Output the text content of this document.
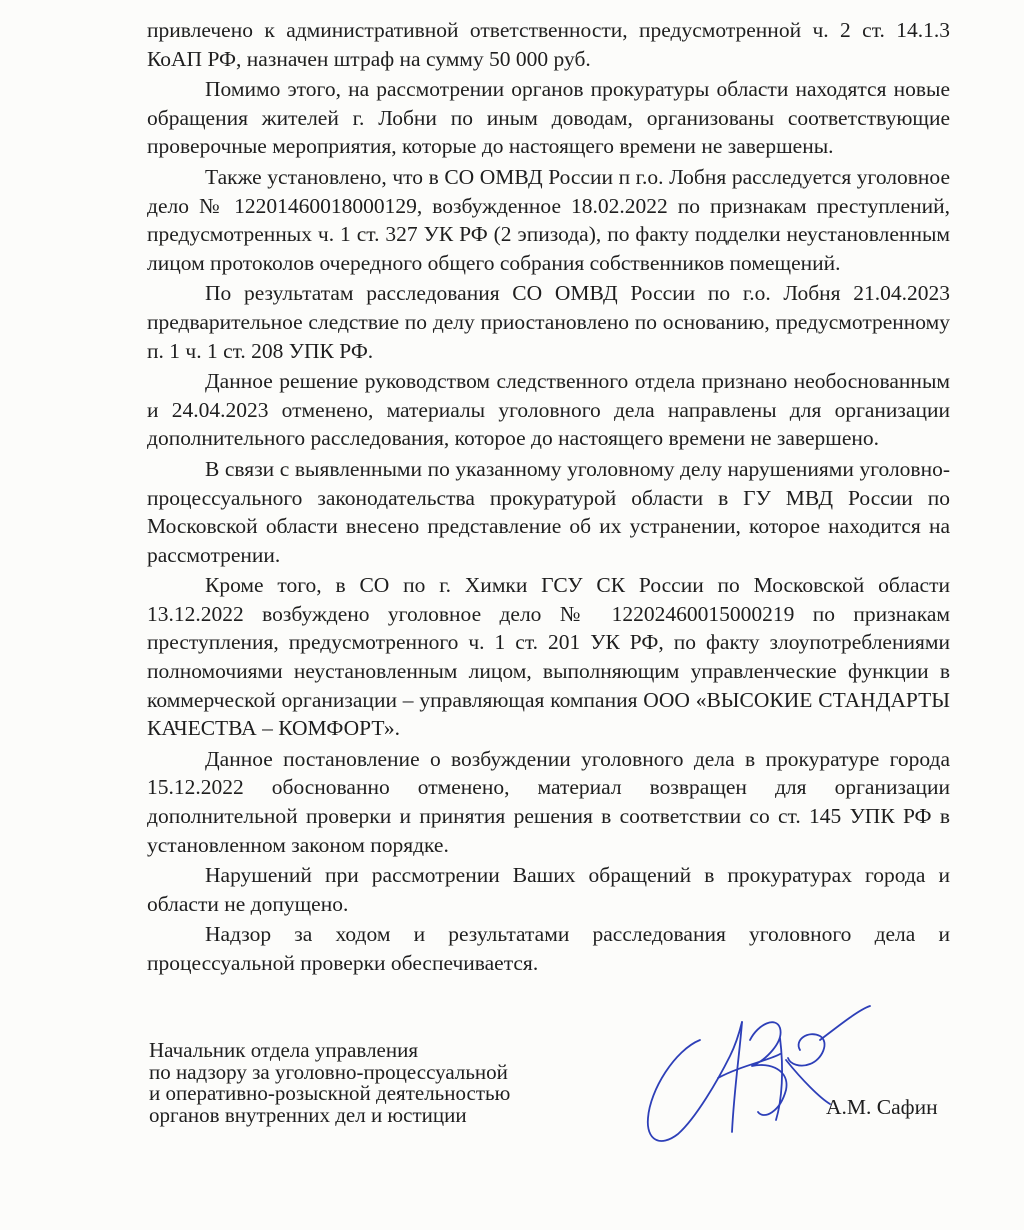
привлечено к административной ответственности, предусмотренной ч. 2 ст. 14.1.3 КоАП РФ, назначен штраф на сумму 50 000 руб.

Помимо этого, на рассмотрении органов прокуратуры области находятся новые обращения жителей г. Лобни по иным доводам, организованы соответствующие проверочные мероприятия, которые до настоящего времени не завершены.

Также установлено, что в СО ОМВД России п г.о. Лобня расследуется уголовное дело № 12201460018000129, возбужденное 18.02.2022 по признакам преступлений, предусмотренных ч. 1 ст. 327 УК РФ (2 эпизода), по факту подделки неустановленным лицом протоколов очередного общего собрания собственников помещений.

По результатам расследования СО ОМВД России по г.о. Лобня 21.04.2023 предварительное следствие по делу приостановлено по основанию, предусмотренному п. 1 ч. 1 ст. 208 УПК РФ.

Данное решение руководством следственного отдела признано необоснованным и 24.04.2023 отменено, материалы уголовного дела направлены для организации дополнительного расследования, которое до настоящего времени не завершено.

В связи с выявленными по указанному уголовному делу нарушениями уголовно-процессуального законодательства прокуратурой области в ГУ МВД России по Московской области внесено представление об их устранении, которое находится на рассмотрении.

Кроме того, в СО по г. Химки ГСУ СК России по Московской области 13.12.2022 возбуждено уголовное дело № 12202460015000219 по признакам преступления, предусмотренного ч. 1 ст. 201 УК РФ, по факту злоупотреблениями полномочиями неустановленным лицом, выполняющим управленческие функции в коммерческой организации – управляющая компания ООО «ВЫСОКИЕ СТАНДАРТЫ КАЧЕСТВА – КОМФОРТ».

Данное постановление о возбуждении уголовного дела в прокуратуре города 15.12.2022 обоснованно отменено, материал возвращен для организации дополнительной проверки и принятия решения в соответствии со ст. 145 УПК РФ в установленном законом порядке.

Нарушений при рассмотрении Ваших обращений в прокуратурах города и области не допущено.

Надзор за ходом и результатами расследования уголовного дела и процессуальной проверки обеспечивается.

Начальник отдела управления
по надзору за уголовно-процессуальной
и оперативно-розыскной деятельностью
органов внутренних дел и юстиции	А.М. Сафин
